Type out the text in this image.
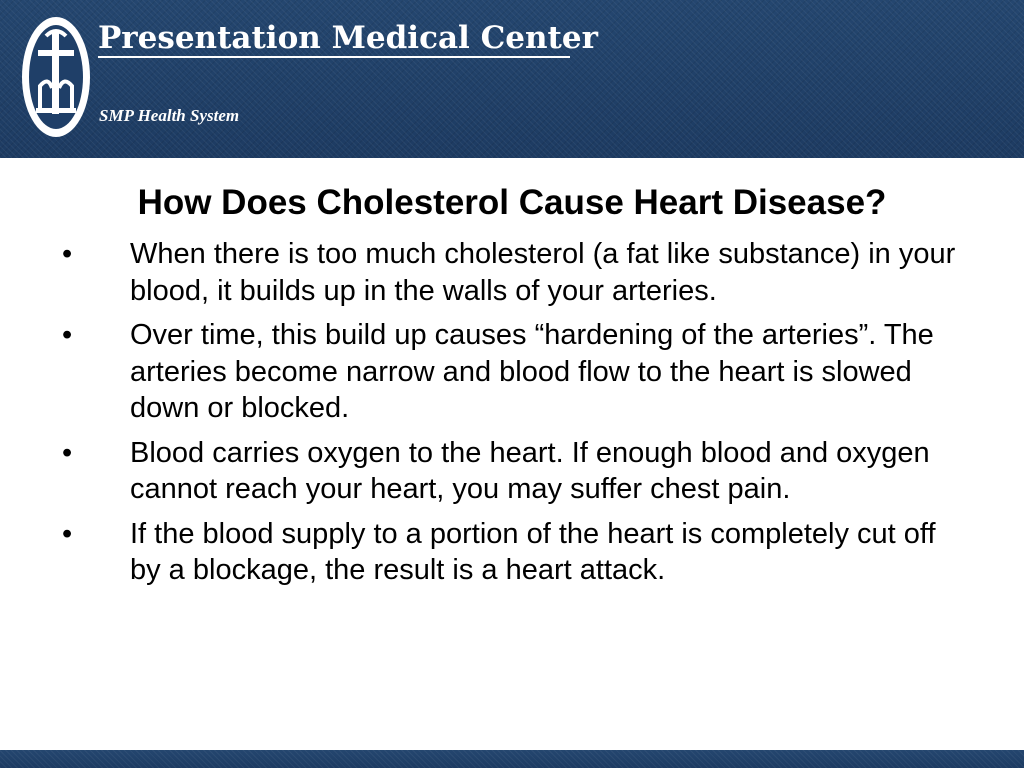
Presentation Medical Center
SMP Health System
How Does Cholesterol Cause Heart Disease?
•	When there is too much cholesterol (a fat like substance) in your blood, it builds up in the walls of your arteries.
•	Over time, this build up causes “hardening of the arteries”. The arteries become narrow and blood flow to the heart is slowed down or blocked.
•	Blood carries oxygen to the heart. If enough blood and oxygen cannot reach your heart, you may suffer chest pain.
•	If the blood supply to a portion of the heart is completely cut off by a blockage, the result is a heart attack.
